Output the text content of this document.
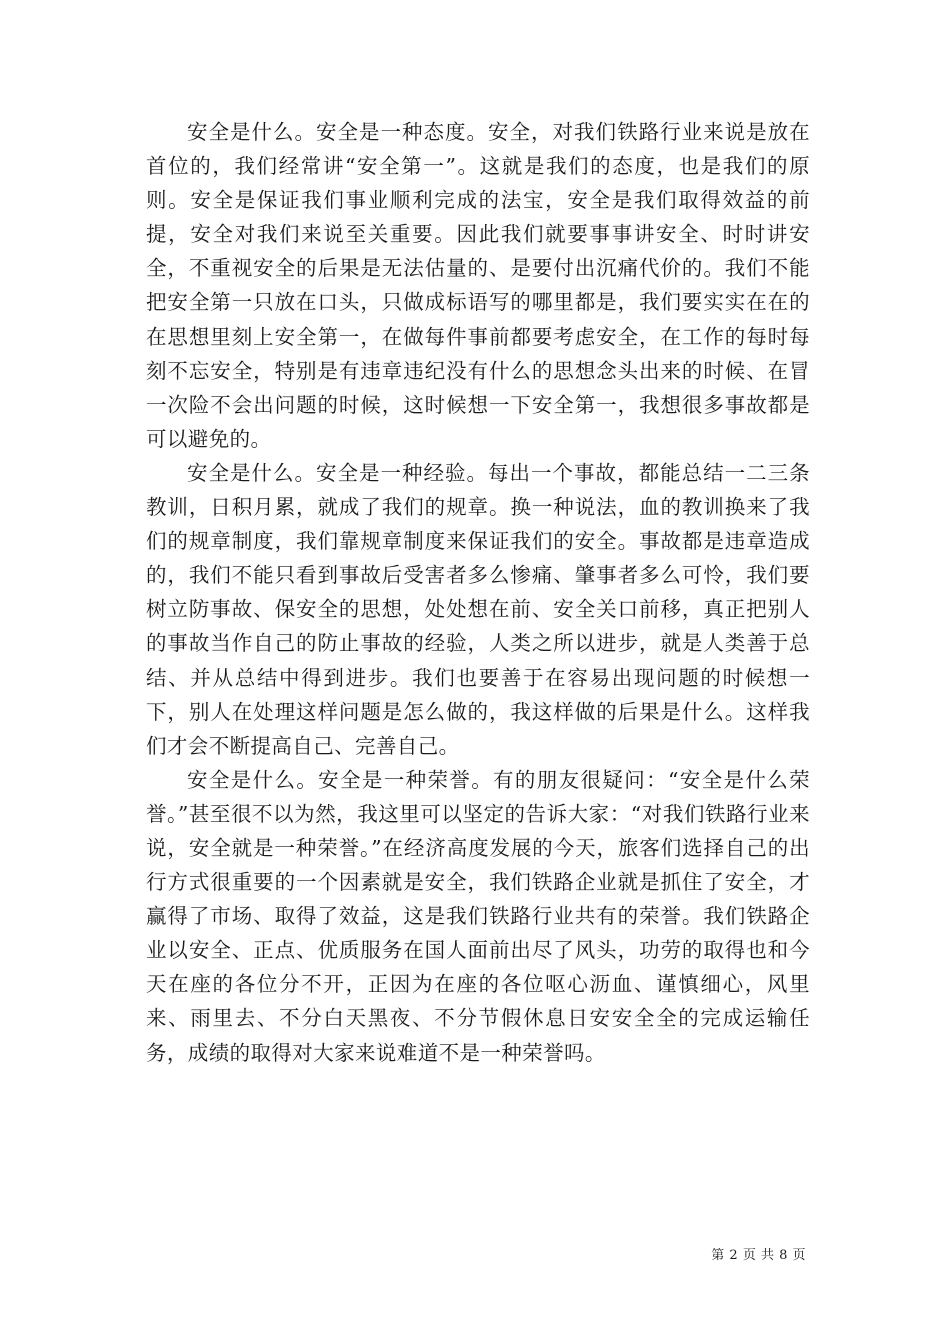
安全是什么。安全是一种态度。安全，对我们铁路行业来说是放在首位的，我们经常讲“安全第一”。这就是我们的态度，也是我们的原则。安全是保证我们事业顺利完成的法宝，安全是我们取得效益的前提，安全对我们来说至关重要。因此我们就要事事讲安全、时时讲安全，不重视安全的后果是无法估量的、是要付出沉痛代价的。我们不能把安全第一只放在口头，只做成标语写的哪里都是，我们要实实在在的在思想里刻上安全第一，在做每件事前都要考虑安全，在工作的每时每刻不忘安全，特别是有违章违纪没有什么的思想念头出来的时候、在冒一次险不会出问题的时候，这时候想一下安全第一，我想很多事故都是可以避免的。

安全是什么。安全是一种经验。每出一个事故，都能总结一二三条教训，日积月累，就成了我们的规章。换一种说法，血的教训换来了我们的规章制度，我们靠规章制度来保证我们的安全。事故都是违章造成的，我们不能只看到事故后受害者多么惨痛、肇事者多么可怜，我们要树立防事故、保安全的思想，处处想在前、安全关口前移，真正把别人的事故当作自己的防止事故的经验，人类之所以进步，就是人类善于总结、并从总结中得到进步。我们也要善于在容易出现问题的时候想一下，别人在处理这样问题是怎么做的，我这样做的后果是什么。这样我们才会不断提高自己、完善自己。

安全是什么。安全是一种荣誉。有的朋友很疑问：“安全是什么荣誉。”甚至很不以为然，我这里可以坚定的告诉大家：“对我们铁路行业来说，安全就是一种荣誉。”在经济高度发展的今天，旅客们选择自己的出行方式很重要的一个因素就是安全，我们铁路企业就是抓住了安全，才赢得了市场、取得了效益，这是我们铁路行业共有的荣誉。我们铁路企业以安全、正点、优质服务在国人面前出尽了风头，功劳的取得也和今天在座的各位分不开，正因为在座的各位呕心沥血、谨慎细心，风里来、雨里去、不分白天黑夜、不分节假休息日安安全全的完成运输任务，成绩的取得对大家来说难道不是一种荣誉吗。

第 2 页 共 8 页
